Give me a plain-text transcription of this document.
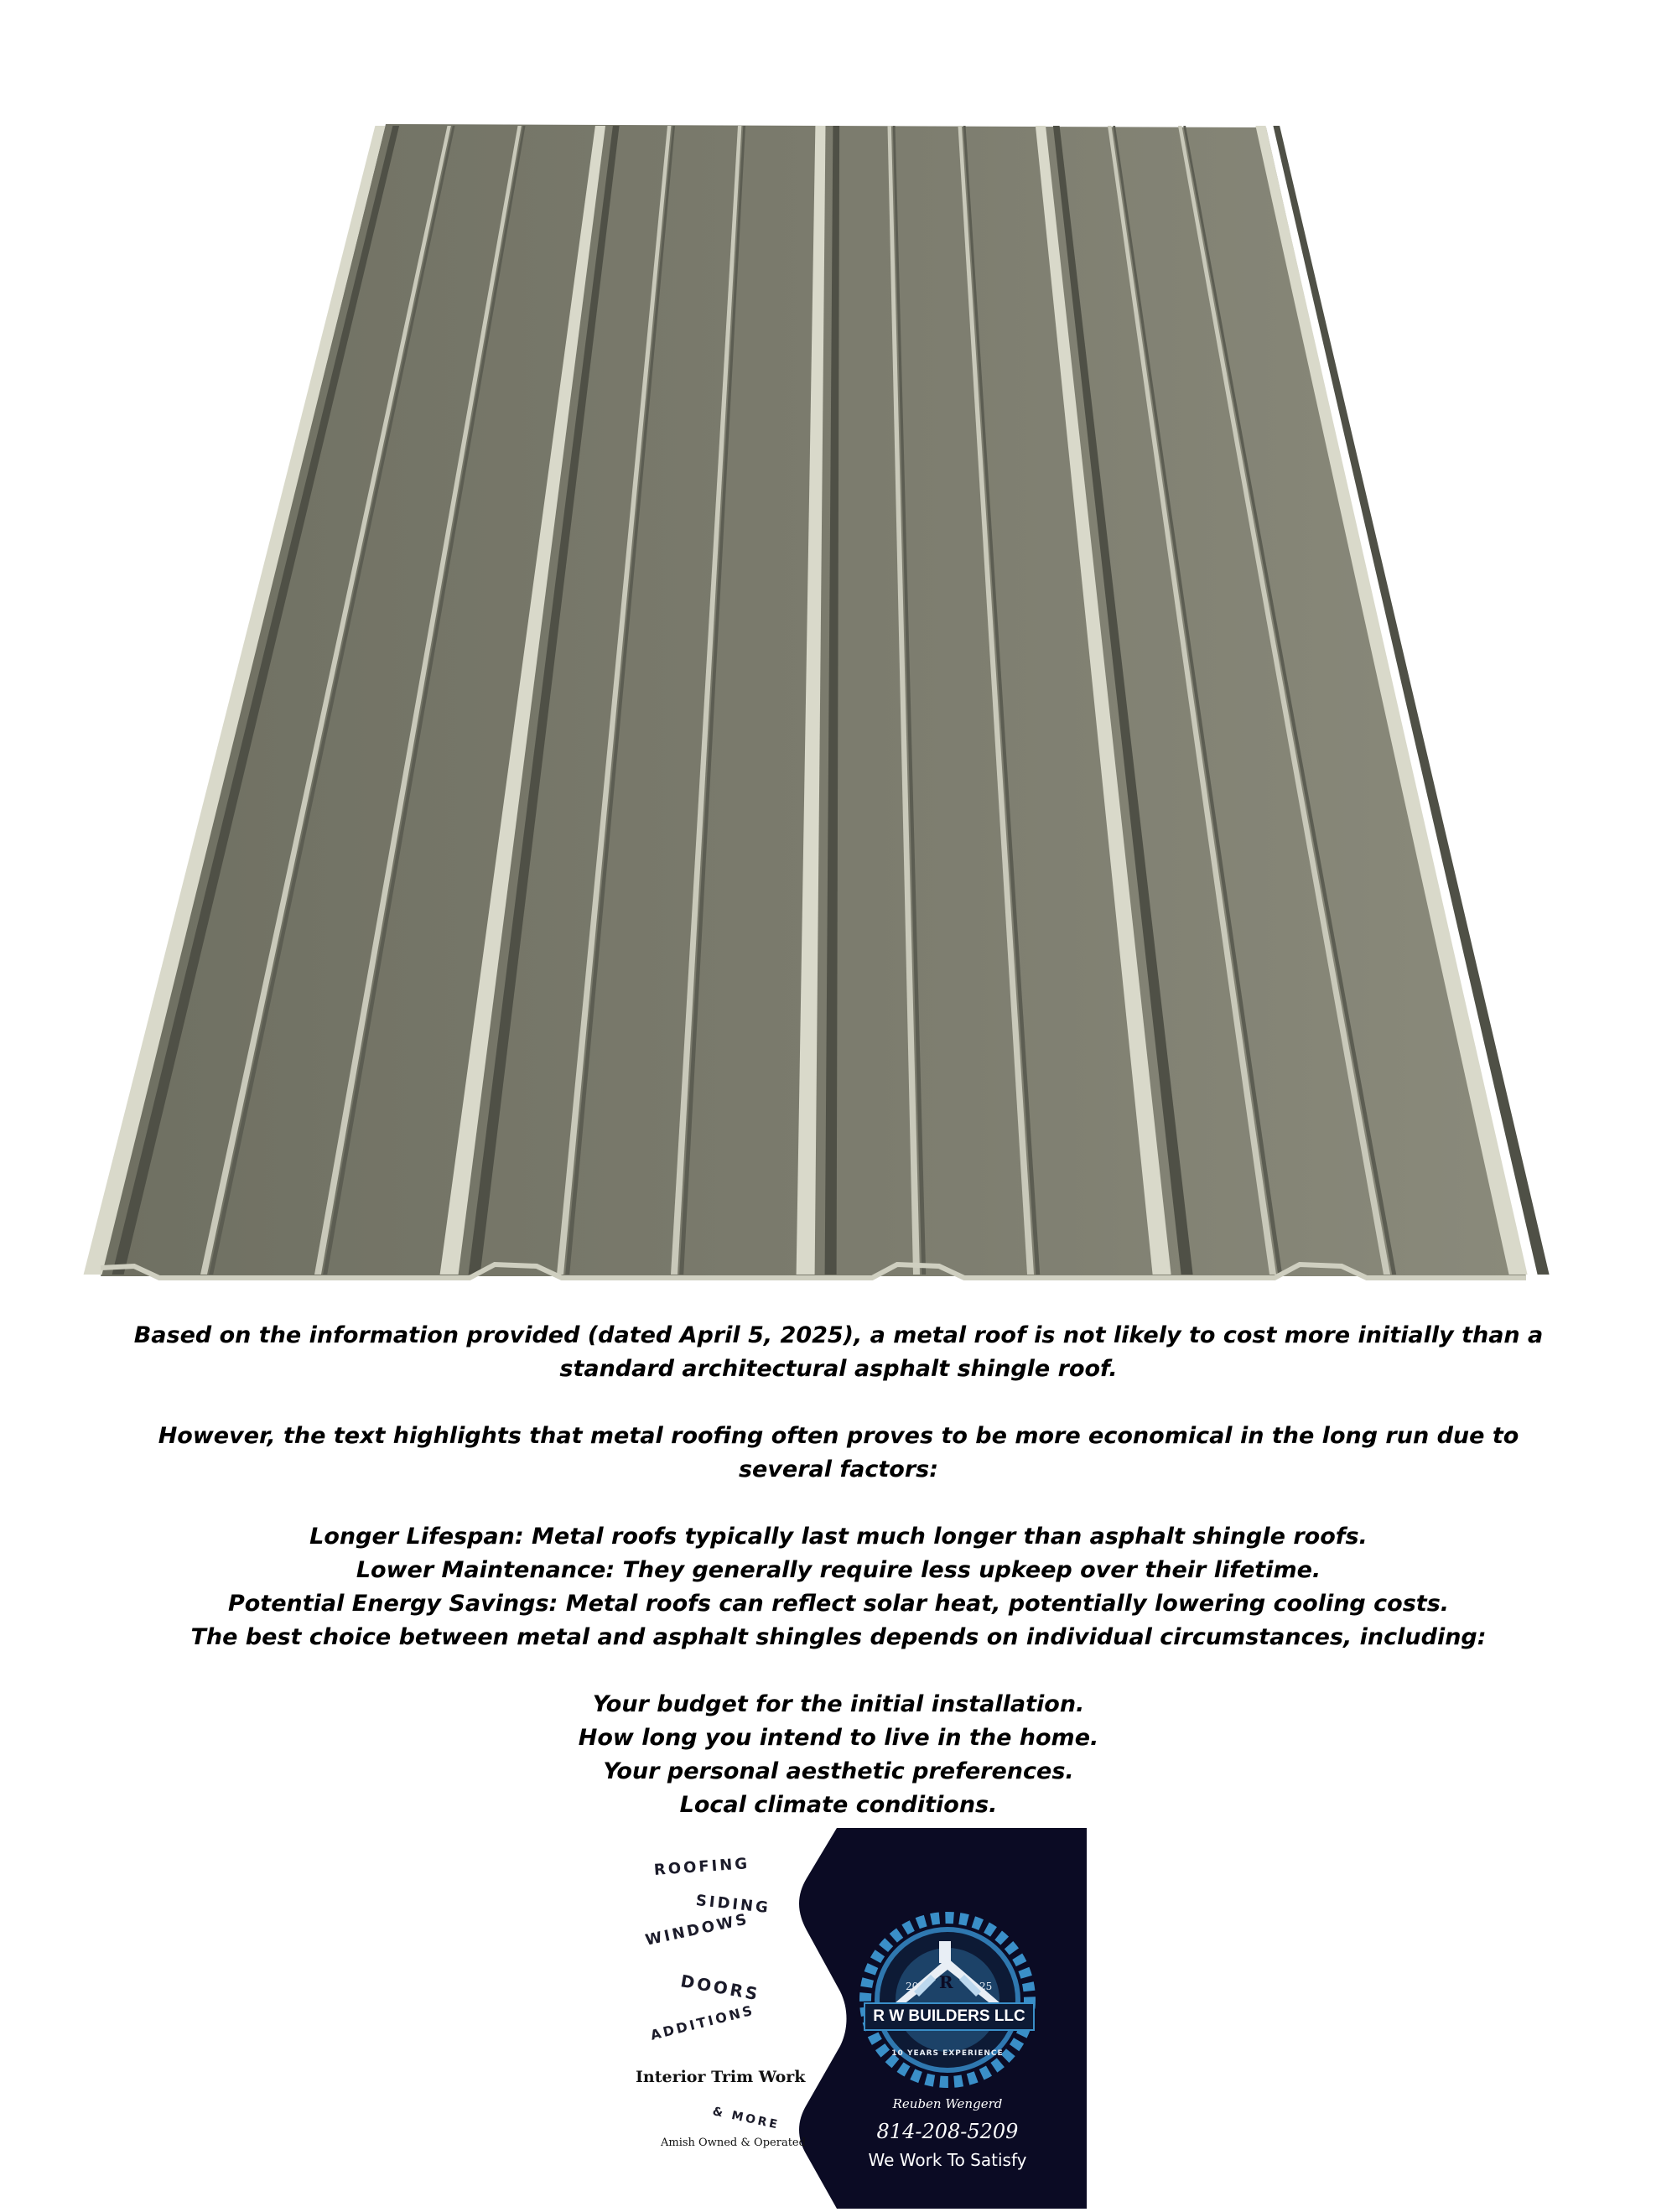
Based on the information provided (dated April 5, 2025), a metal roof is not likely to cost more initially than a

standard architectural asphalt shingle roof.

However, the text highlights that metal roofing often proves to be more economical in the long run due to

several factors:

Longer Lifespan: Metal roofs typically last much longer than asphalt shingle roofs.

Lower Maintenance: They generally require less upkeep over their lifetime.

Potential Energy Savings: Metal roofs can reflect solar heat, potentially lowering cooling costs.

The best choice between metal and asphalt shingles depends on individual circumstances, including:

Your budget for the initial installation.

How long you intend to live in the home.

Your personal aesthetic preferences.

Local climate conditions.

ROOFING
SIDING
WINDOWS
DOORS
ADDITIONS
Interior Trim Work
& MORE
Amish Owned & Operated
R
20	25
R W BUILDERS LLC
10 YEARS EXPERIENCE
Reuben Wengerd
814-208-5209
We Work To Satisfy
